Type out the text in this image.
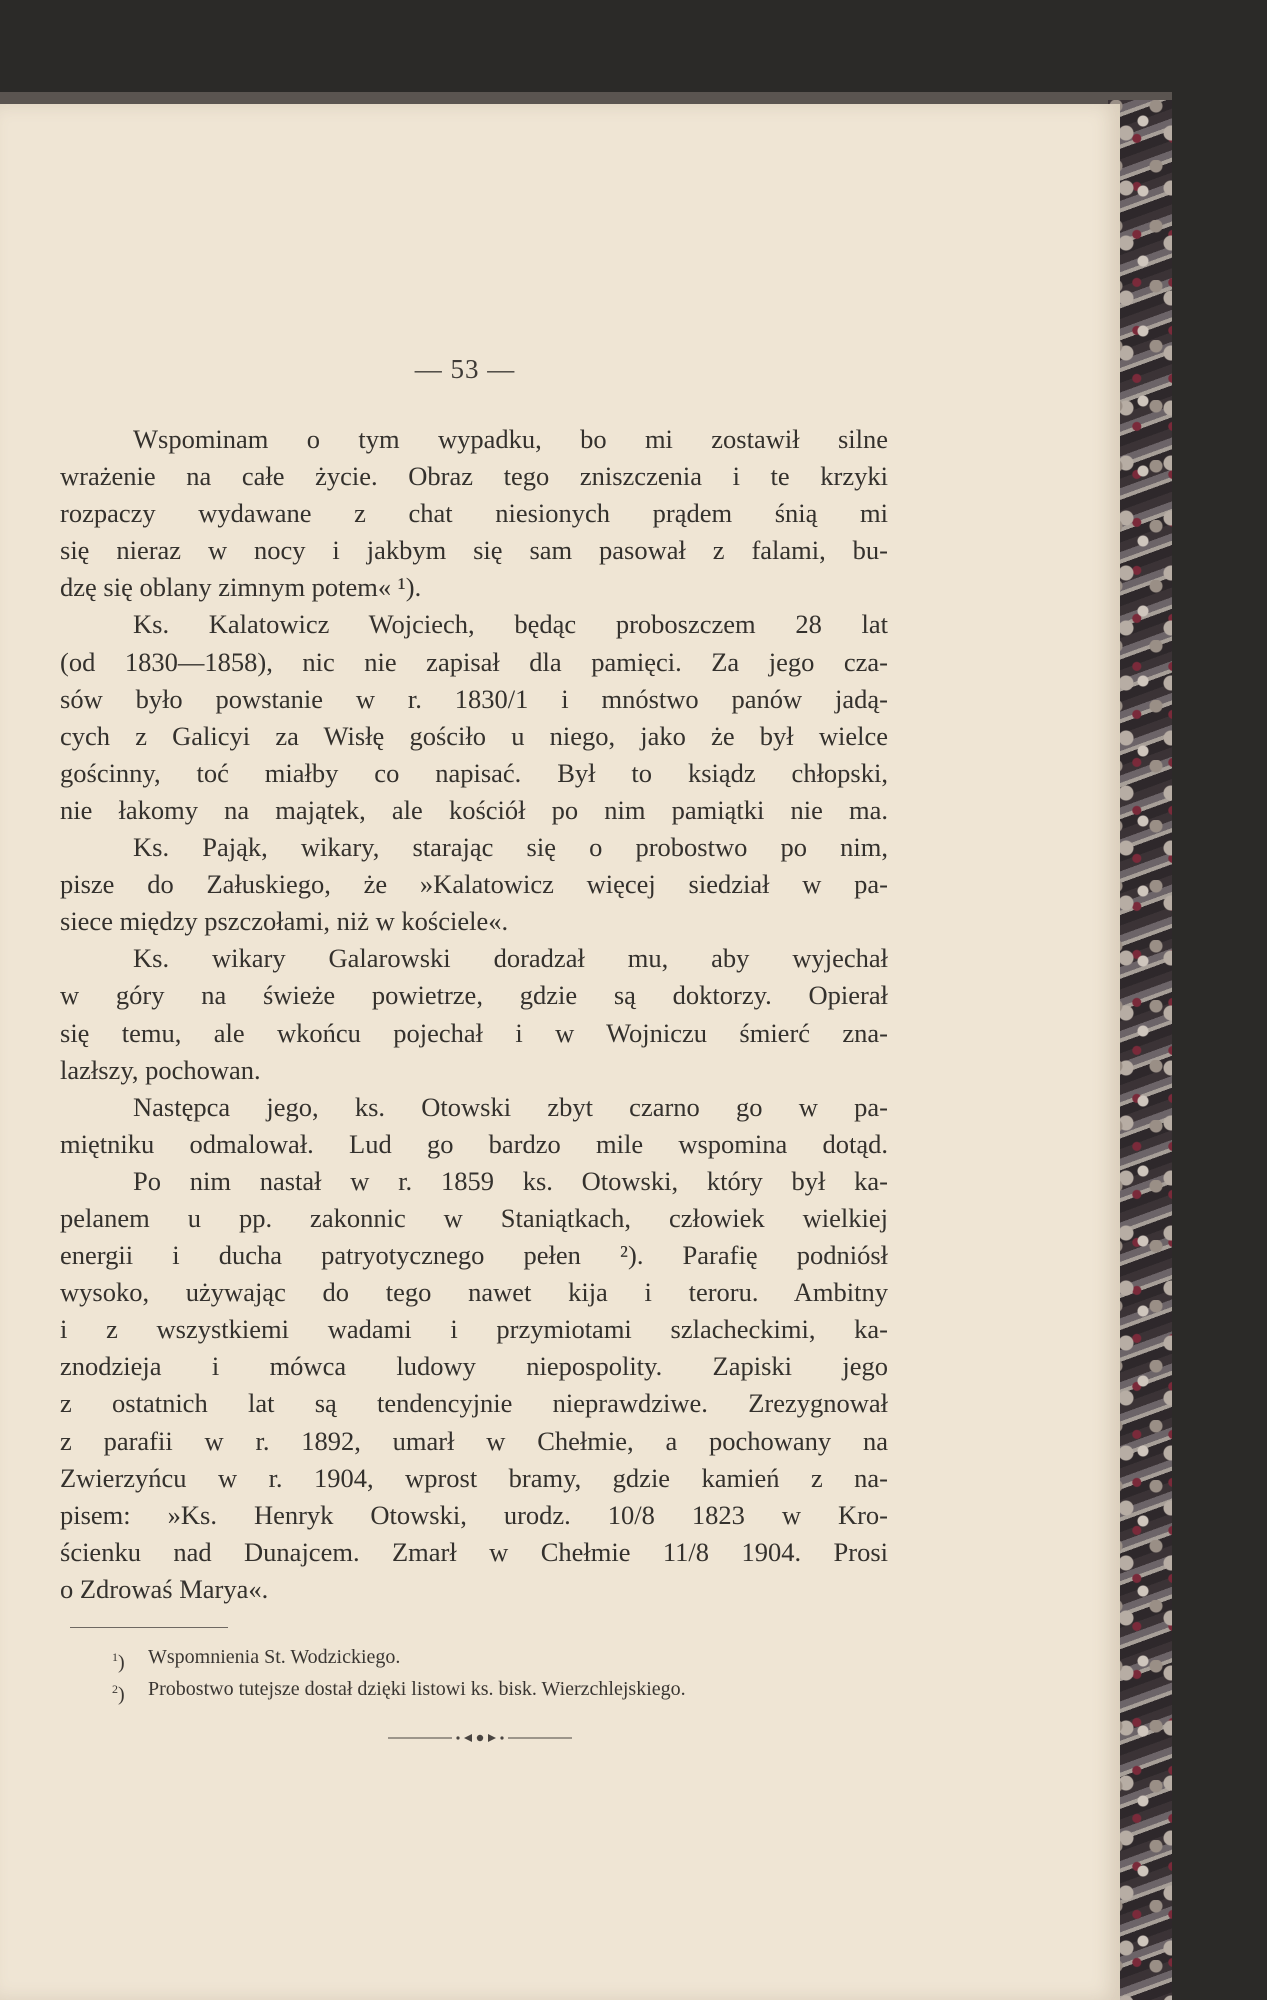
— 53 —

Wspominam o tym wypadku, bo mi zostawił silne
wrażenie na całe życie. Obraz tego zniszczenia i te krzyki
rozpaczy wydawane z chat niesionych prądem śnią mi
się nieraz w nocy i jakbym się sam pasował z falami, bu-
dzę się oblany zimnym potem« ¹).
Ks. Kalatowicz Wojciech, będąc proboszczem 28 lat
(od 1830—1858), nic nie zapisał dla pamięci. Za jego cza-
sów było powstanie w r. 1830/1 i mnóstwo panów jadą-
cych z Galicyi za Wisłę gościło u niego, jako że był wielce
gościnny, toć miałby co napisać. Był to ksiądz chłopski,
nie łakomy na majątek, ale kościół po nim pamiątki nie ma.
Ks. Pająk, wikary, starając się o probostwo po nim,
pisze do Załuskiego, że »Kalatowicz więcej siedział w pa-
siece między pszczołami, niż w kościele«.
Ks. wikary Galarowski doradzał mu, aby wyjechał
w góry na świeże powietrze, gdzie są doktorzy. Opierał
się temu, ale wkońcu pojechał i w Wojniczu śmierć zna-
lazłszy, pochowan.
Następca jego, ks. Otowski zbyt czarno go w pa-
miętniku odmalował. Lud go bardzo mile wspomina dotąd.
Po nim nastał w r. 1859 ks. Otowski, który był ka-
pelanem u pp. zakonnic w Staniątkach, człowiek wielkiej
energii i ducha patryotycznego pełen ²). Parafię podniósł
wysoko, używając do tego nawet kija i teroru. Ambitny
i z wszystkiemi wadami i przymiotami szlacheckimi, ka-
znodzieja i mówca ludowy niepospolity. Zapiski jego
z ostatnich lat są tendencyjnie nieprawdziwe. Zrezygnował
z parafii w r. 1892, umarł w Chełmie, a pochowany na
Zwierzyńcu w r. 1904, wprost bramy, gdzie kamień z na-
pisem: »Ks. Henryk Otowski, urodz. 10/8 1823 w Kro-
ścienku nad Dunajcem. Zmarł w Chełmie 11/8 1904. Prosi
o Zdrowaś Marya«.
$^1$) Wspomnienia St. Wodzickiego.
$^2$) Probostwo tutejsze dostał dzięki listowi ks. bisk. Wierzchlejskiego.
